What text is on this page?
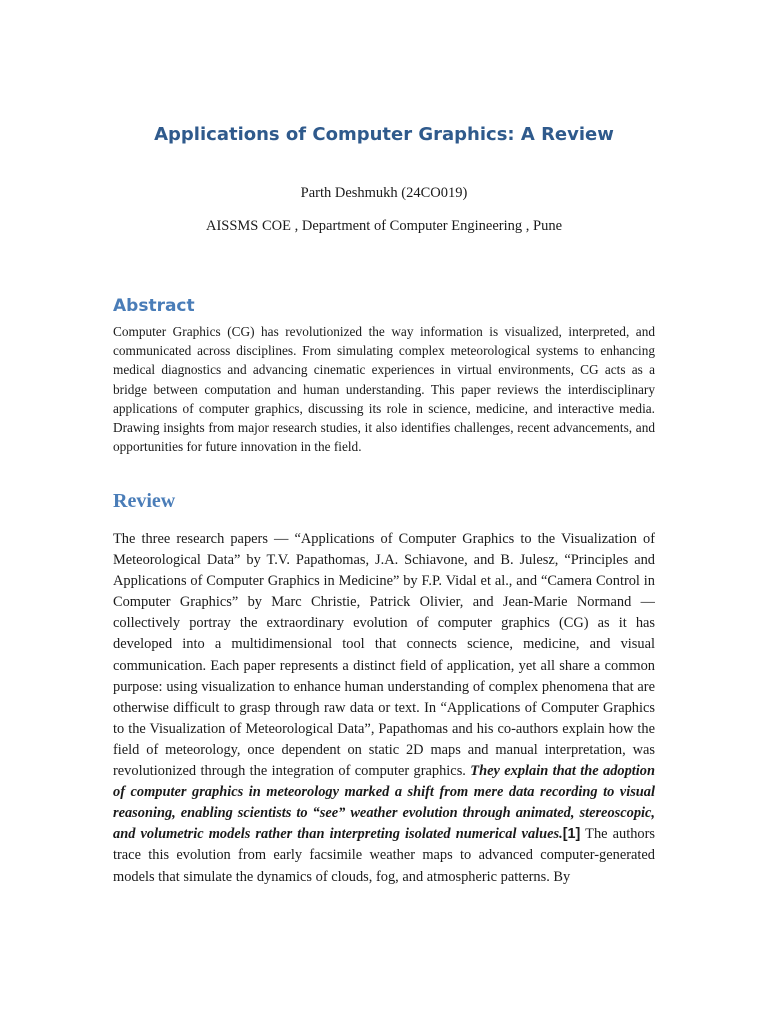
Applications of Computer Graphics: A Review
Parth Deshmukh (24CO019)
AISSMS COE , Department of Computer Engineering , Pune
Abstract
Computer Graphics (CG) has revolutionized the way information is visualized, interpreted, and communicated across disciplines. From simulating complex meteorological systems to enhancing medical diagnostics and advancing cinematic experiences in virtual environments, CG acts as a bridge between computation and human understanding. This paper reviews the interdisciplinary applications of computer graphics, discussing its role in science, medicine, and interactive media. Drawing insights from major research studies, it also identifies challenges, recent advancements, and opportunities for future innovation in the field.
Review
The three research papers — “Applications of Computer Graphics to the Visualization of Meteorological Data” by T.V. Papathomas, J.A. Schiavone, and B. Julesz, “Principles and Applications of Computer Graphics in Medicine” by F.P. Vidal et al., and “Camera Control in Computer Graphics” by Marc Christie, Patrick Olivier, and Jean-Marie Normand — collectively portray the extraordinary evolution of computer graphics (CG) as it has developed into a multidimensional tool that connects science, medicine, and visual communication. Each paper represents a distinct field of application, yet all share a common purpose: using visualization to enhance human understanding of complex phenomena that are otherwise difficult to grasp through raw data or text. In “Applications of Computer Graphics to the Visualization of Meteorological Data”, Papathomas and his co-authors explain how the field of meteorology, once dependent on static 2D maps and manual interpretation, was revolutionized through the integration of computer graphics. They explain that the adoption of computer graphics in meteorology marked a shift from mere data recording to visual reasoning, enabling scientists to “see” weather evolution through animated, stereoscopic, and volumetric models rather than interpreting isolated numerical values.[1] The authors trace this evolution from early facsimile weather maps to advanced computer-generated models that simulate the dynamics of clouds, fog, and atmospheric patterns. By
